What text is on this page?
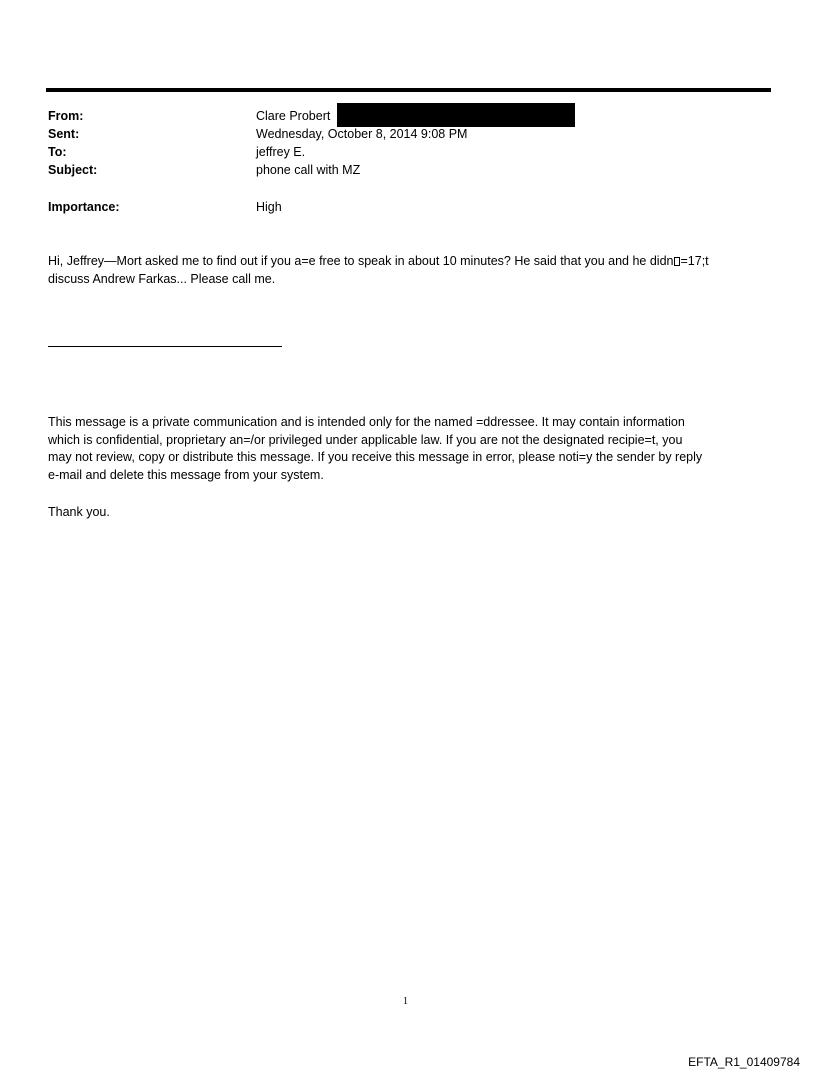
From:	Clare Probert
Sent:	Wednesday, October 8, 2014 9:08 PM
To:	jeffrey E.
Subject:	phone call with MZ
Importance:	High
Hi, Jeffrey—Mort asked me to find out if you a=e free to speak in about 10 minutes? He said that you and he didn =17;t
discuss Andrew Farkas... Please call me.
This message is a private communication and is intended only for the named =ddressee. It may contain information
which is confidential, proprietary an=/or privileged under applicable law. If you are not the designated recipie=t, you
may not review, copy or distribute this message. If you receive this message in error, please noti=y the sender by reply
e-mail and delete this message from your system.
Thank you.
1
EFTA_R1_01409784
